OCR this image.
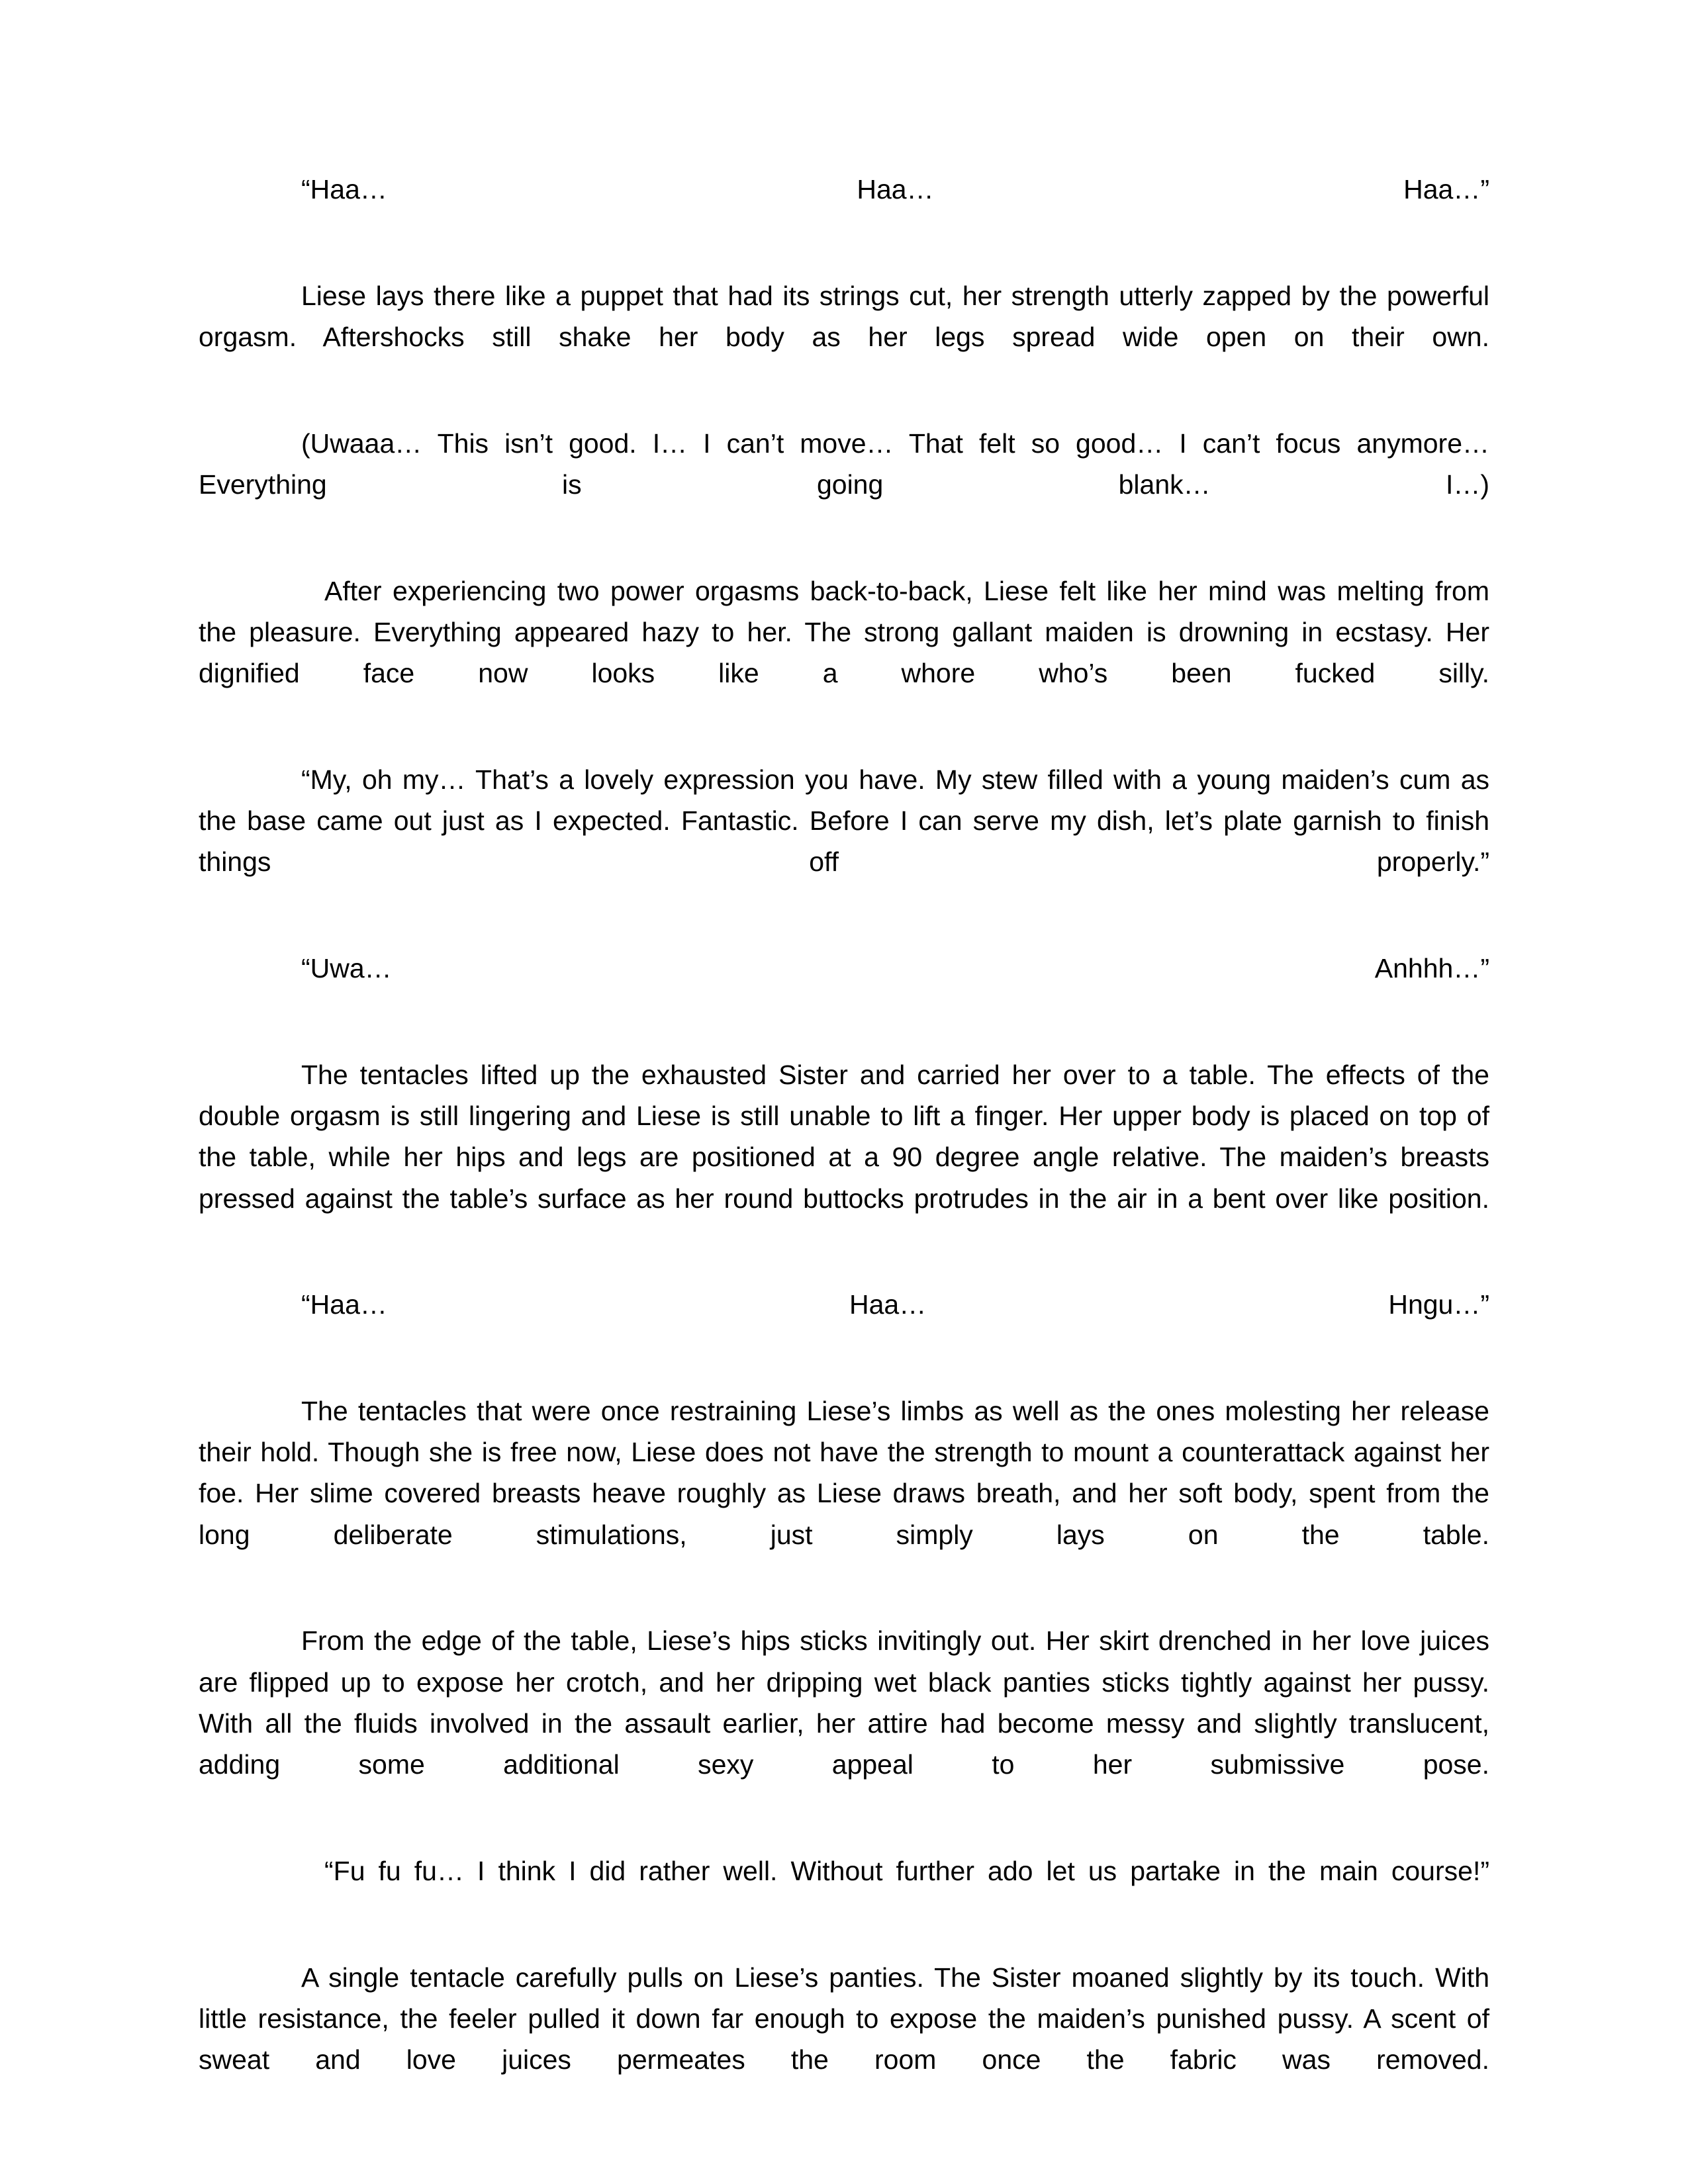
“Haa… Haa… Haa…”

Liese lays there like a puppet that had its strings cut, her strength utterly zapped by the powerful orgasm. Aftershocks still shake her body as her legs spread wide open on their own.

(Uwaaa… This isn’t good. I… I can’t move… That felt so good… I can’t focus anymore… Everything is going blank… I…)

After experiencing two power orgasms back-to-back, Liese felt like her mind was melting from the pleasure. Everything appeared hazy to her. The strong gallant maiden is drowning in ecstasy. Her dignified face now looks like a whore who’s been fucked silly.

“My, oh my… That’s a lovely expression you have. My stew filled with a young maiden’s cum as the base came out just as I expected. Fantastic. Before I can serve my dish, let’s plate garnish to finish things off properly.”

“Uwa… Anhhh…”

The tentacles lifted up the exhausted Sister and carried her over to a table. The effects of the double orgasm is still lingering and Liese is still unable to lift a finger. Her upper body is placed on top of the table, while her hips and legs are positioned at a 90 degree angle relative. The maiden’s breasts pressed against the table’s surface as her round buttocks protrudes in the air in a bent over like position.

“Haa… Haa… Hngu…”

The tentacles that were once restraining Liese’s limbs as well as the ones molesting her release their hold. Though she is free now, Liese does not have the strength to mount a counterattack against her foe. Her slime covered breasts heave roughly as Liese draws breath, and her soft body, spent from the long deliberate stimulations, just simply lays on the table.

From the edge of the table, Liese’s hips sticks invitingly out. Her skirt drenched in her love juices are flipped up to expose her crotch, and her dripping wet black panties sticks tightly against her pussy. With all the fluids involved in the assault earlier, her attire had become messy and slightly translucent, adding some additional sexy appeal to her submissive pose.

“Fu fu fu… I think I did rather well. Without further ado let us partake in the main course!”

A single tentacle carefully pulls on Liese’s panties. The Sister moaned slightly by its touch. With little resistance, the feeler pulled it down far enough to expose the maiden’s punished pussy. A scent of sweat and love juices permeates the room once the fabric was removed.
